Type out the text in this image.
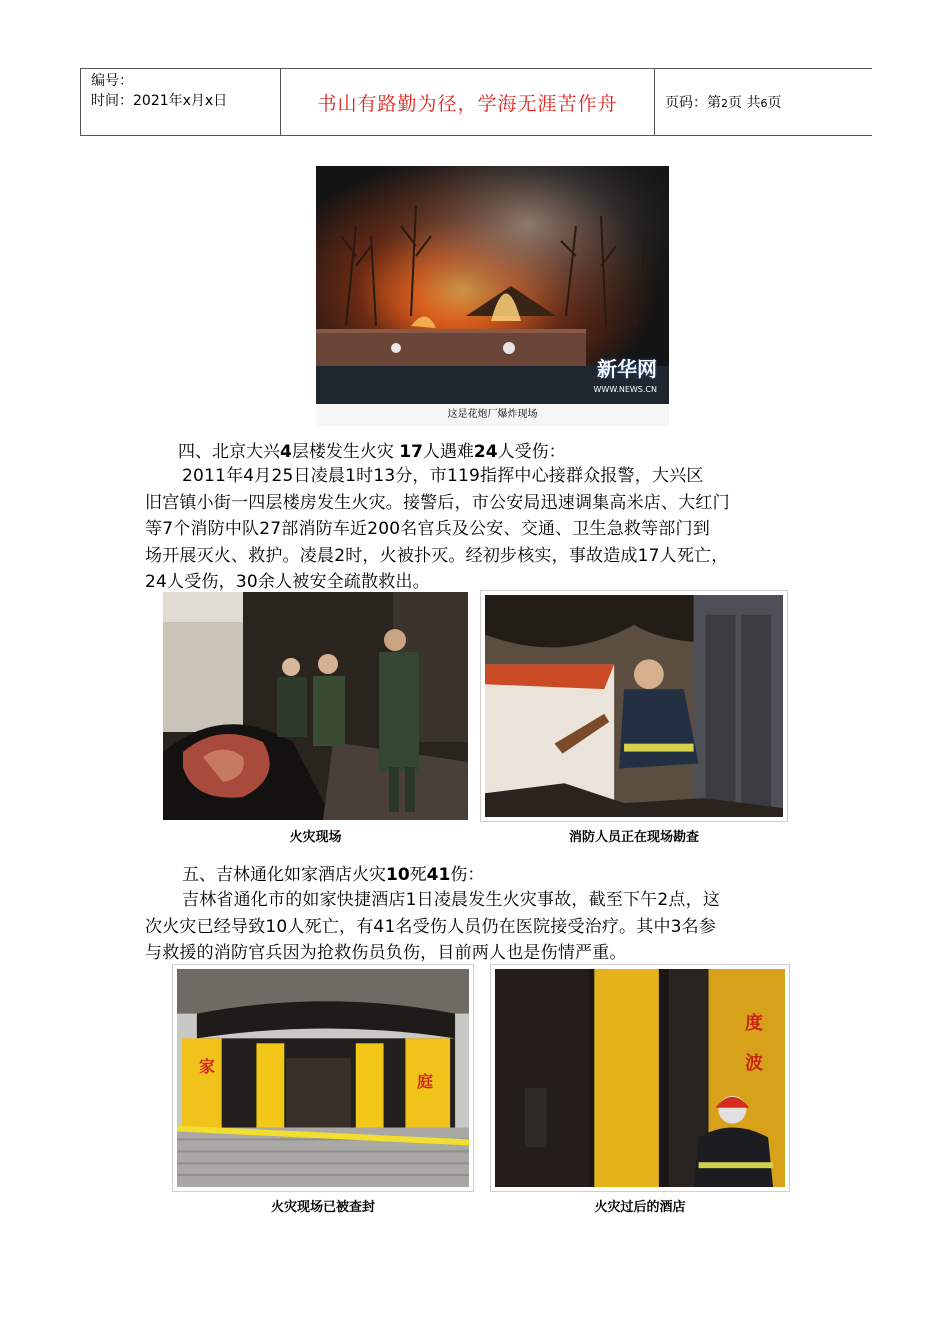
编号：
时间：2021年x月x日	书山有路勤为径，学海无涯苦作舟	页码：第2页 共6页
新华网
WWW.NEWS.CN
这是花炮厂爆炸现场
四、北京大兴4层楼发生火灾 17人遇难24人受伤：
2011年4月25日凌晨1时13分，市119指挥中心接群众报警，大兴区
旧宫镇小街一四层楼房发生火灾。接警后，市公安局迅速调集高米店、大红门
等7个消防中队27部消防车近200名官兵及公安、交通、卫生急救等部门到
场开展灭火、救护。凌晨2时，火被扑灭。经初步核实，事故造成17人死亡，
24人受伤，30余人被安全疏散救出。
火灾现场	消防人员正在现场勘查
五、吉林通化如家酒店火灾10死41伤：
吉林省通化市的如家快捷酒店1日凌晨发生火灾事故，截至下午2点，这
次火灾已经导致10人死亡，有41名受伤人员仍在医院接受治疗。其中3名参
与救援的消防官兵因为抢救伤员负伤，目前两人也是伤情严重。
家
庭
度
波
火灾现场已被查封	火灾过后的酒店
